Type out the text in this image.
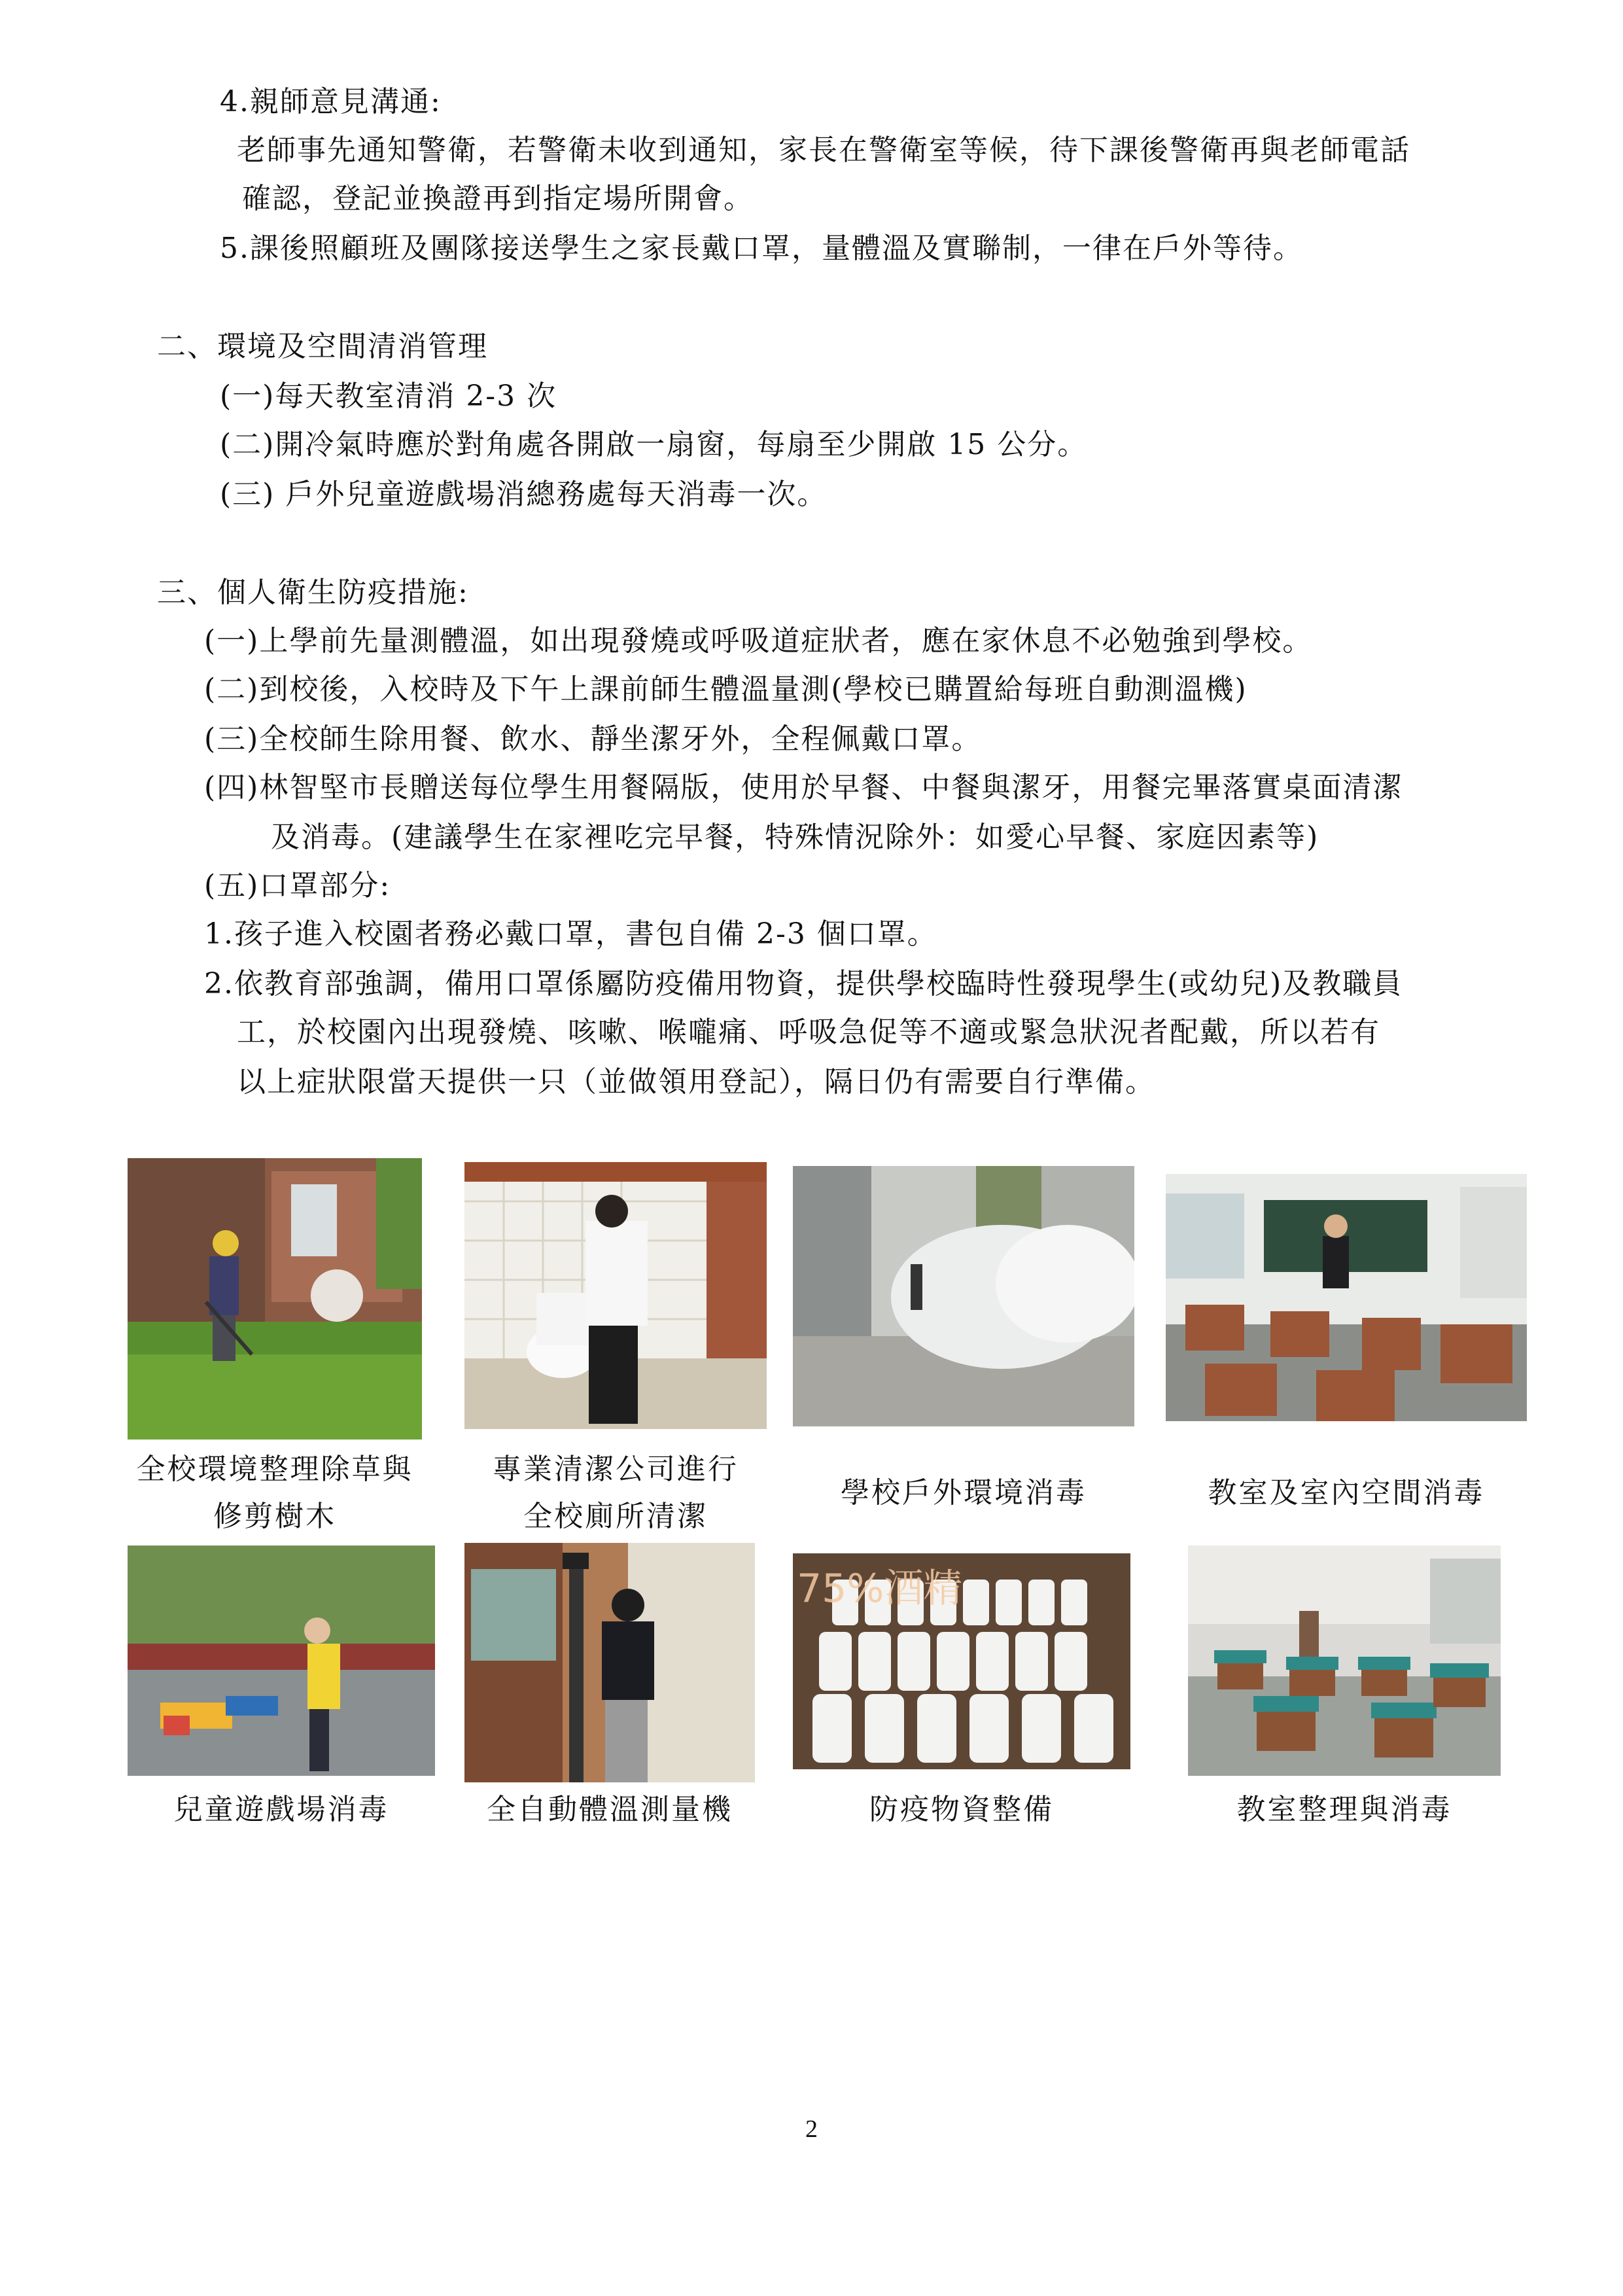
4.親師意見溝通:
老師事先通知警衛，若警衛未收到通知，家長在警衛室等候，待下課後警衛再與老師電話
確認，登記並換證再到指定場所開會。
5.課後照顧班及團隊接送學生之家長戴口罩，量體溫及實聯制，一律在戶外等待。
二、環境及空間清消管理
(一)每天教室清消 2-3 次
(二)開冷氣時應於對角處各開啟一扇窗，每扇至少開啟 15 公分。
(三) 戶外兒童遊戲場消總務處每天消毒一次。
三、個人衛生防疫措施:
(一)上學前先量測體溫，如出現發燒或呼吸道症狀者，應在家休息不必勉強到學校。
(二)到校後，入校時及下午上課前師生體溫量測(學校已購置給每班自動測溫機)
(三)全校師生除用餐、飲水、靜坐潔牙外，全程佩戴口罩。
(四)林智堅市長贈送每位學生用餐隔版，使用於早餐、中餐與潔牙，用餐完畢落實桌面清潔
及消毒。(建議學生在家裡吃完早餐，特殊情況除外：如愛心早餐、家庭因素等)
(五)口罩部分:
1.孩子進入校園者務必戴口罩，書包自備 2-3 個口罩。
2.依教育部強調，備用口罩係屬防疫備用物資，提供學校臨時性發現學生(或幼兒)及教職員
工，於校園內出現發燒、咳嗽、喉嚨痛、呼吸急促等不適或緊急狀況者配戴，所以若有
以上症狀限當天提供一只（並做領用登記），隔日仍有需要自行準備。
全校環境整理除草與
修剪樹木
專業清潔公司進行
全校廁所清潔
學校戶外環境消毒	教室及室內空間消毒
75%酒精
兒童遊戲場消毒	全自動體溫測量機	防疫物資整備	教室整理與消毒
2
